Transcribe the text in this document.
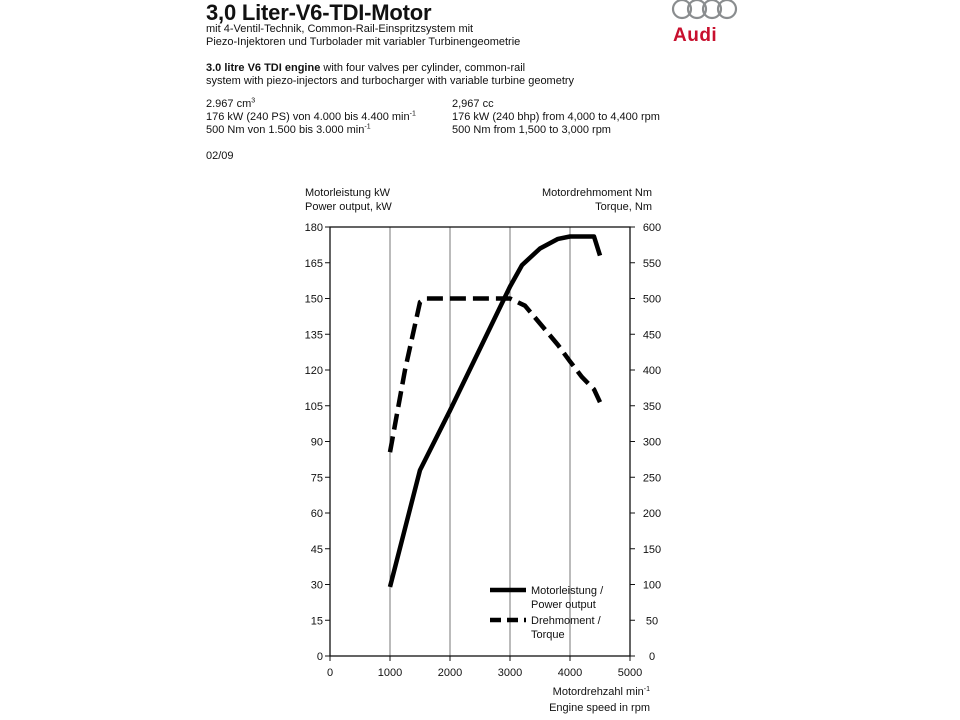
3,0 Liter-V6-TDI-Motor
mit 4-Ventil-Technik, Common-Rail-Einspritzsystem mit
Piezo-Injektoren und Turbolader mit variabler Turbinengeometrie
3.0 litre V6 TDI engine with four valves per cylinder, common-rail
system with piezo-injectors and turbocharger with variable turbine geometry
2.967 $cm^3$
176 kW (240 PS) von 4.000 bis 4.400 $\min^{-1}$
500 Nm von 1.500 bis 3.000 $\min^{-1}$
2,967 cc
176 kW (240 bhp) from 4,000 to 4,400 rpm
500 Nm from 1,500 to 3,000 rpm
02/09
Audi
0
15
30
45
60
75
90
105
120
135
150
165
180
0
50
100
150
200
250
300
350
400
450
500
550
600
0	1000	2000	3000	4000	5000
Motorleistung kW
Power output, kW
Motordrehmoment Nm
Torque, Nm
Motordrehzahl $\min^{-1}$
Engine speed in rpm
Motorleistung /
Power output
Drehmoment /
Torque
